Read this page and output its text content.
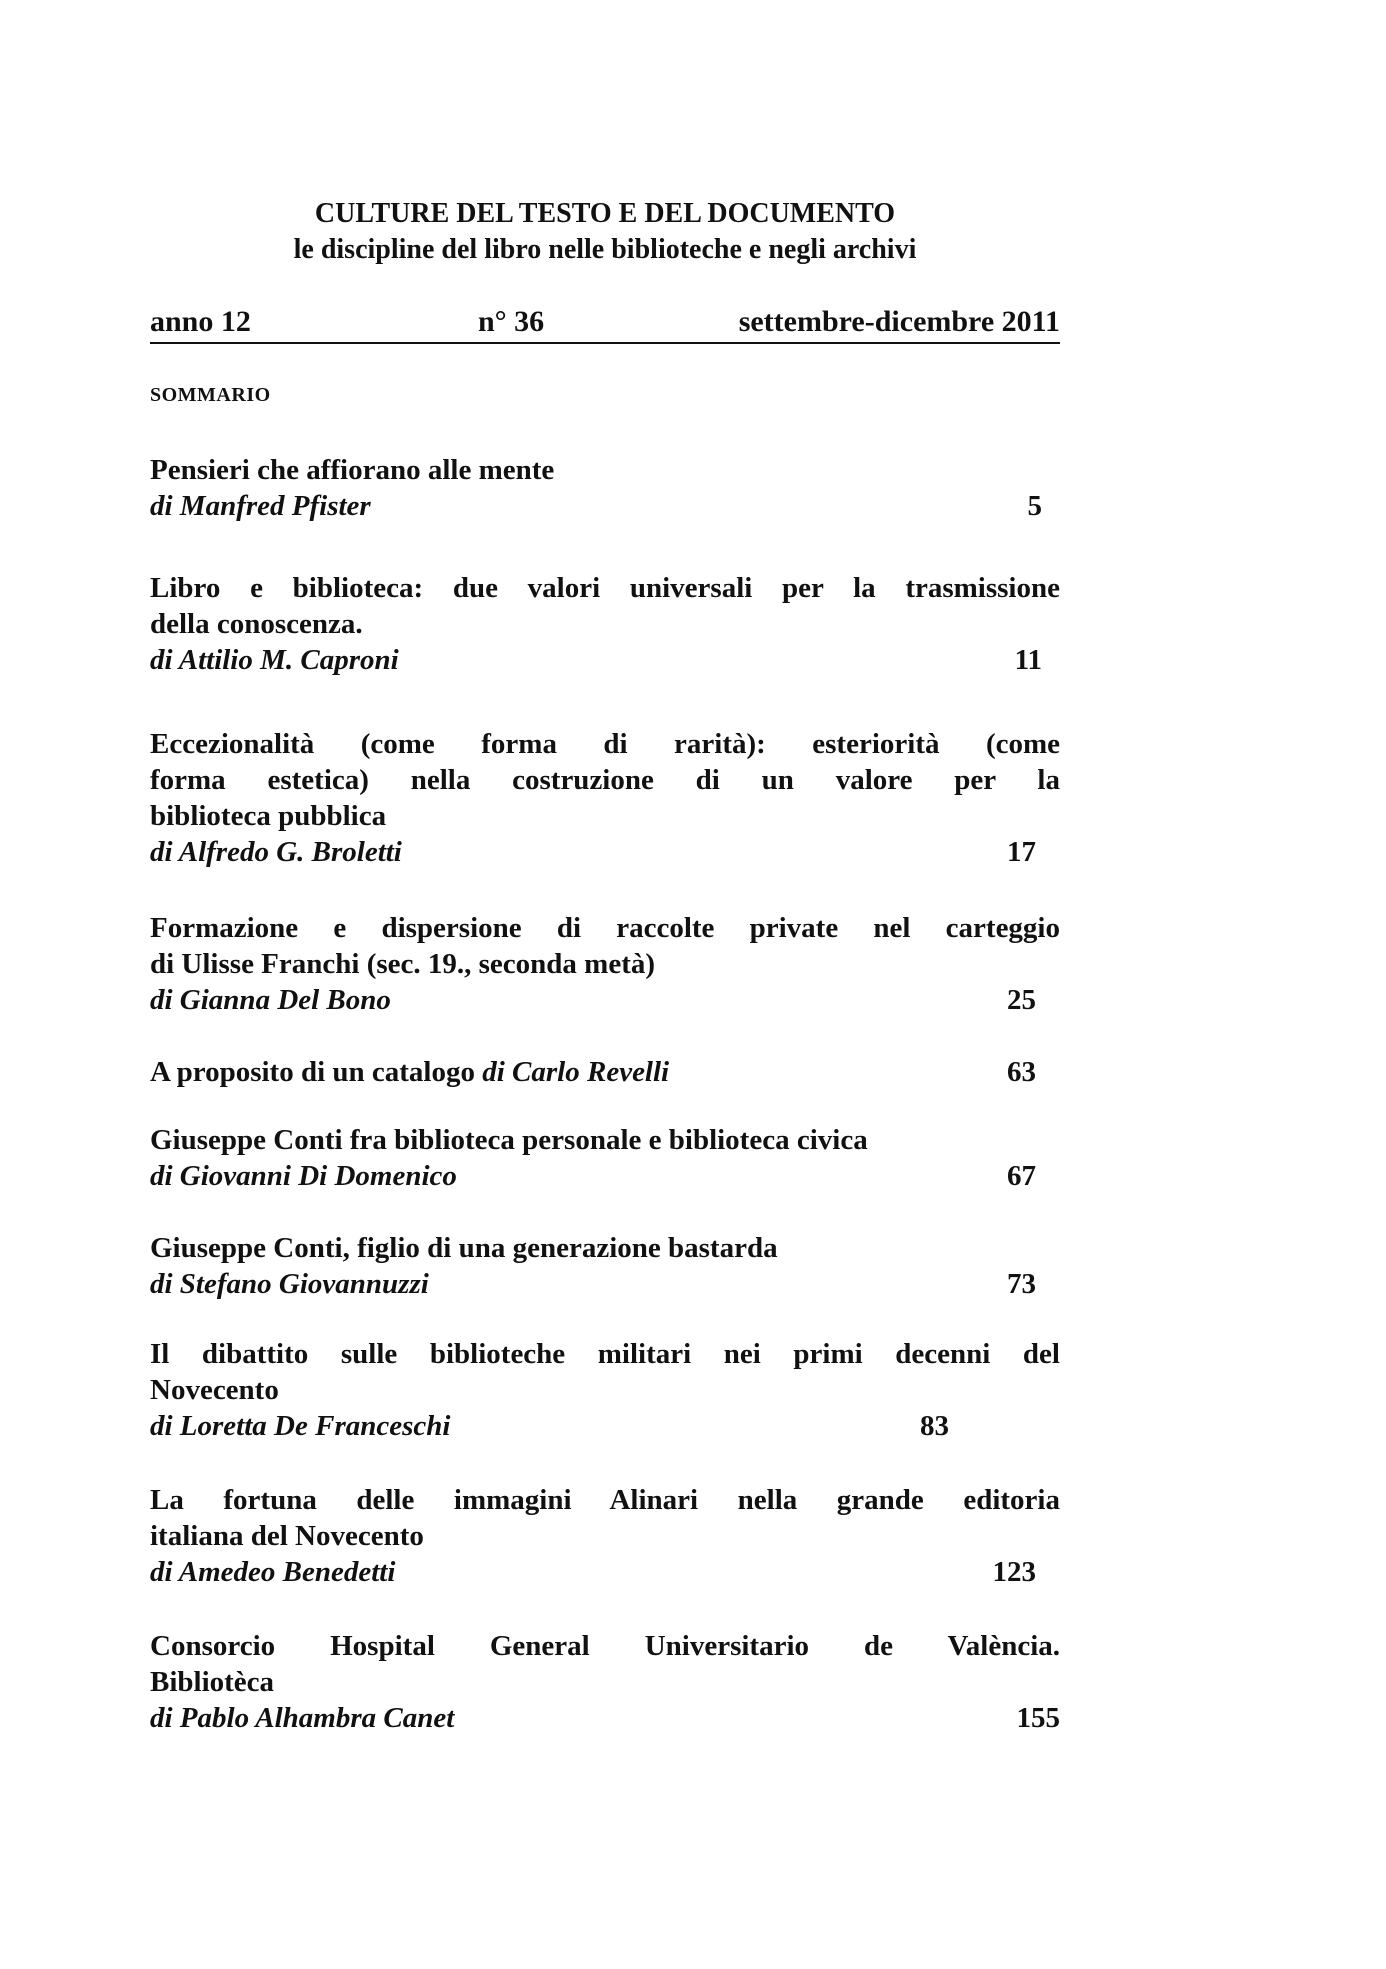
CULTURE DEL TESTO E DEL DOCUMENTO
le discipline del libro nelle biblioteche e negli archivi
anno 12	n° 36	settembre-dicembre 2011
SOMMARIO
Pensieri che affiorano alle mente
di Manfred Pfister	5
Libro e biblioteca: due valori universali per la trasmissione
della conoscenza.
di Attilio M. Caproni	11
Eccezionalità (come forma di rarità): esteriorità (come
forma estetica) nella costruzione di un valore per la
biblioteca pubblica
di Alfredo G. Broletti	17
Formazione e dispersione di raccolte private nel carteggio
di Ulisse Franchi (sec. 19., seconda metà)
di Gianna Del Bono	25
A proposito di un catalogo di Carlo Revelli	63
Giuseppe Conti fra biblioteca personale e biblioteca civica
di Giovanni Di Domenico	67
Giuseppe Conti, figlio di una generazione bastarda
di Stefano Giovannuzzi	73
Il dibattito sulle biblioteche militari nei primi decenni del
Novecento
di Loretta De Franceschi	83
La fortuna delle immagini Alinari nella grande editoria
italiana del Novecento
di Amedeo Benedetti	123
Consorcio Hospital General Universitario de València.
Bibliotèca
di Pablo Alhambra Canet	155
